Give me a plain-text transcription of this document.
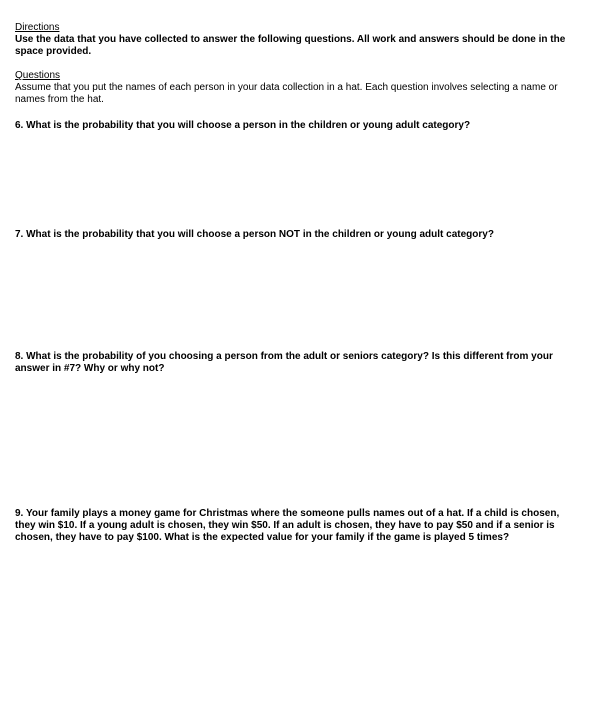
Directions

Use the data that you have collected to answer the following questions. All work and answers should be done in the space provided.

Questions

Assume that you put the names of each person in your data collection in a hat. Each question involves selecting a name or names from the hat.

6. What is the probability that you will choose a person in the children or young adult category?

7. What is the probability that you will choose a person NOT in the children or young adult category?

8. What is the probability of you choosing a person from the adult or seniors category? Is this different from your answer in #7? Why or why not?

9. Your family plays a money game for Christmas where the someone pulls names out of a hat. If a child is chosen, they win $10. If a young adult is chosen, they win $50. If an adult is chosen, they have to pay $50 and if a senior is chosen, they have to pay $100. What is the expected value for your family if the game is played 5 times?
